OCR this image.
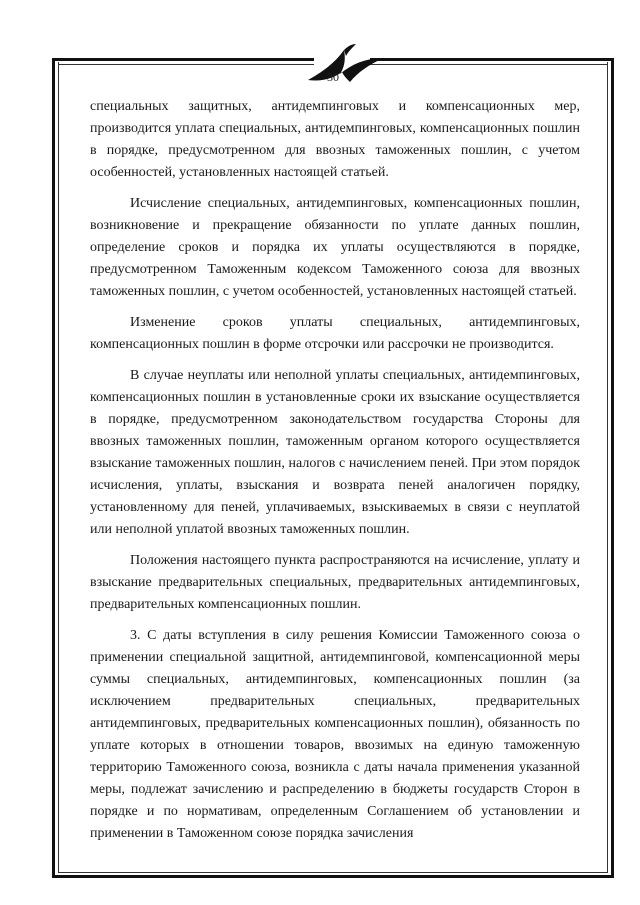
30

специальных защитных, антидемпинговых и компенсационных мер, производится уплата специальных, антидемпинговых, компенсационных пошлин в порядке, предусмотренном для ввозных таможенных пошлин, с учетом особенностей, установленных настоящей статьей.

Исчисление специальных, антидемпинговых, компенсационных пошлин, возникновение и прекращение обязанности по уплате данных пошлин, определение сроков и порядка их уплаты осуществляются в порядке, предусмотренном Таможенным кодексом Таможенного союза для ввозных таможенных пошлин, с учетом особенностей, установленных настоящей статьей.

Изменение сроков уплаты специальных, антидемпинговых, компенсационных пошлин в форме отсрочки или рассрочки не производится.

В случае неуплаты или неполной уплаты специальных, антидемпинговых, компенсационных пошлин в установленные сроки их взыскание осуществляется в порядке, предусмотренном законодательством государства Стороны для ввозных таможенных пошлин, таможенным органом которого осуществляется взыскание таможенных пошлин, налогов с начислением пеней. При этом порядок исчисления, уплаты, взыскания и возврата пеней аналогичен порядку, установленному для пеней, уплачиваемых, взыскиваемых в связи с неуплатой или неполной уплатой ввозных таможенных пошлин.

Положения настоящего пункта распространяются на исчисление, уплату и взыскание предварительных специальных, предварительных антидемпинговых, предварительных компенсационных пошлин.

3. С даты вступления в силу решения Комиссии Таможенного союза о применении специальной защитной, антидемпинговой, компенсационной меры суммы специальных, антидемпинговых, компенсационных пошлин (за исключением предварительных специальных, предварительных антидемпинговых, предварительных компенсационных пошлин), обязанность по уплате которых в отношении товаров, ввозимых на единую таможенную территорию Таможенного союза, возникла с даты начала применения указанной меры, подлежат зачислению и распределению в бюджеты государств Сторон в порядке и по нормативам, определенным Соглашением об установлении и применении в Таможенном союзе порядка зачисления
